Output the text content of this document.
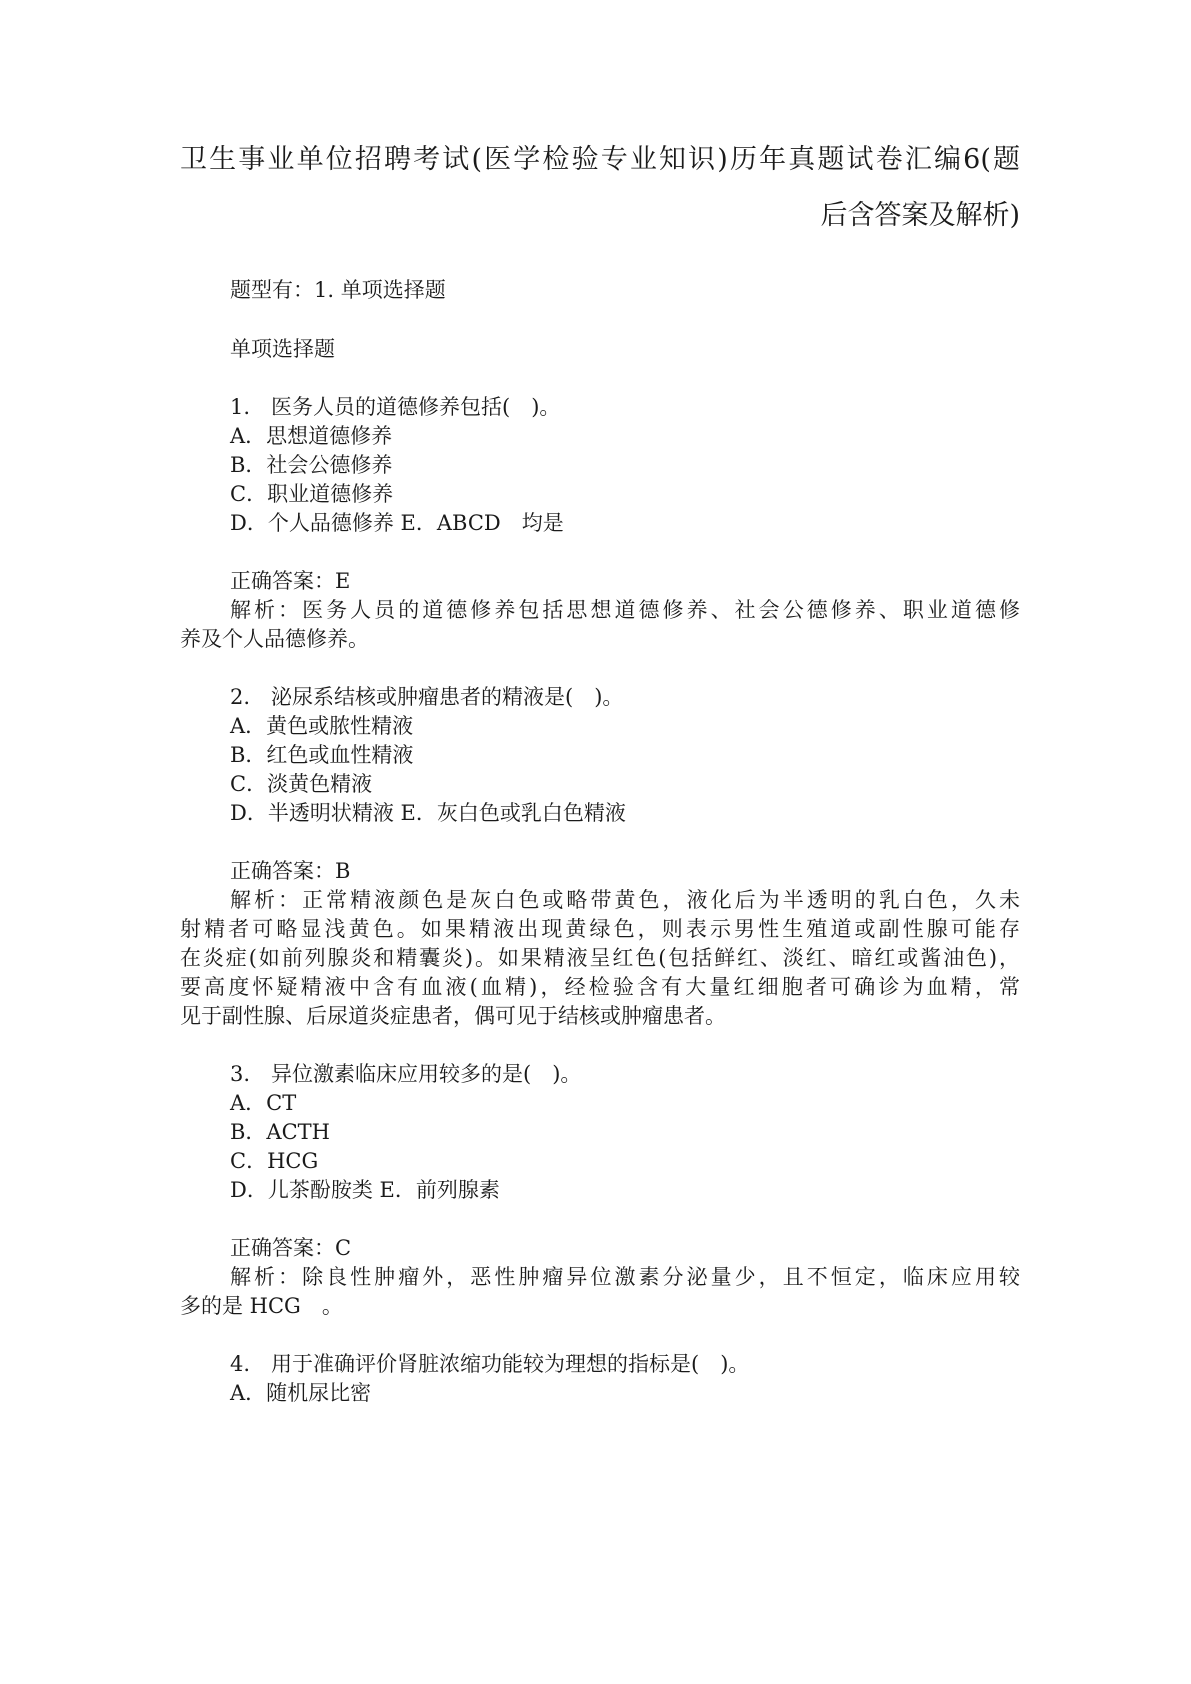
卫生事业单位招聘考试(医学检验专业知识)历年真题试卷汇编6(题
后含答案及解析)
题型有：1. 单项选择题
单项选择题
1.　医务人员的道德修养包括(　)。
A．思想道德修养
B．社会公德修养
C．职业道德修养
D．个人品德修养 E．ABCD　均是
正确答案：E
解析：医务人员的道德修养包括思想道德修养、社会公德修养、职业道德修
养及个人品德修养。
2.　泌尿系结核或肿瘤患者的精液是(　)。
A．黄色或脓性精液
B．红色或血性精液
C．淡黄色精液
D．半透明状精液 E．灰白色或乳白色精液
正确答案：B
解析：正常精液颜色是灰白色或略带黄色，液化后为半透明的乳白色，久未
射精者可略显浅黄色。如果精液出现黄绿色，则表示男性生殖道或副性腺可能存
在炎症(如前列腺炎和精囊炎)。如果精液呈红色(包括鲜红、淡红、暗红或酱油色)，
要高度怀疑精液中含有血液(血精)，经检验含有大量红细胞者可确诊为血精，常
见于副性腺、后尿道炎症患者，偶可见于结核或肿瘤患者。
3.　异位激素临床应用较多的是(　)。
A．CT
B．ACTH
C．HCG
D．儿茶酚胺类 E．前列腺素
正确答案：C
解析：除良性肿瘤外，恶性肿瘤异位激素分泌量少，且不恒定，临床应用较
多的是 HCG　。
4.　用于准确评价肾脏浓缩功能较为理想的指标是(　)。
A．随机尿比密
